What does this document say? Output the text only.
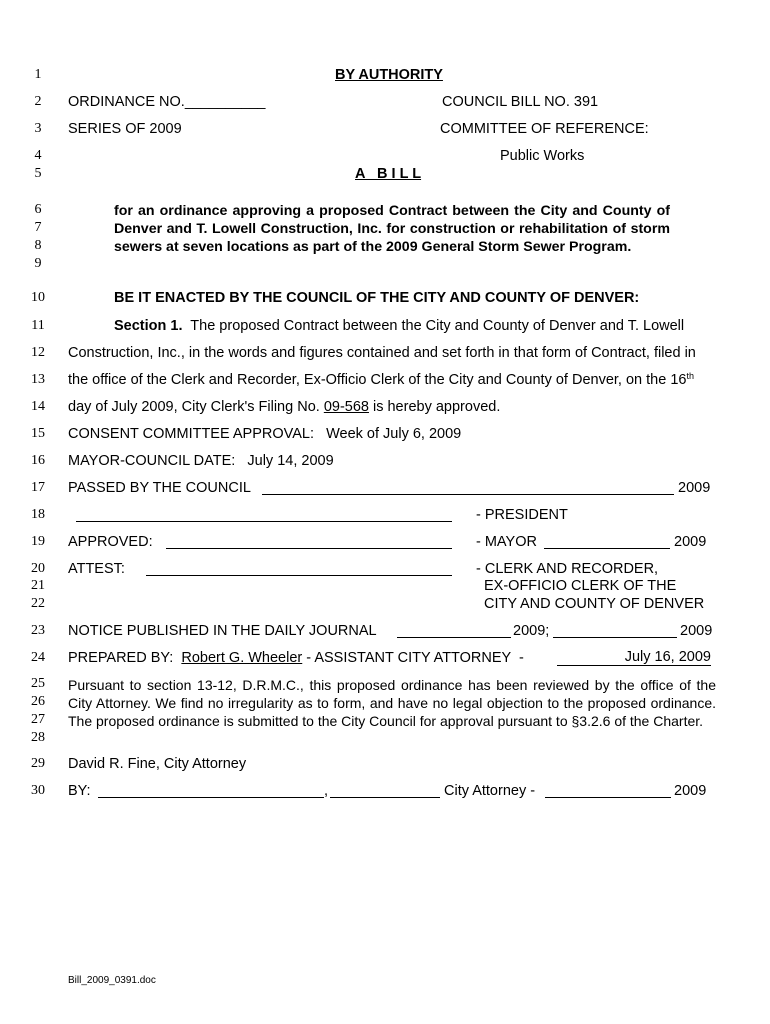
1
2
3
4
5
6
7
8
9
10
11
12
13
14
15
16
17
18
19
20
21
22
23
24
25
26
27
28
29
30
BY AUTHORITY
ORDINANCE NO.__________	COUNCIL BILL NO. 391
SERIES OF 2009	COMMITTEE OF REFERENCE:
Public Works
A   B I L L
for an ordinance approving a proposed Contract between the City and County of Denver and T. Lowell Construction, Inc. for construction or rehabilitation of storm sewers at seven locations as part of the 2009 General Storm Sewer Program.
BE IT ENACTED BY THE COUNCIL OF THE CITY AND COUNTY OF DENVER:
Section 1. The proposed Contract between the City and County of Denver and T. Lowell
Construction, Inc., in the words and figures contained and set forth in that form of Contract, filed in
the office of the Clerk and Recorder, Ex-Officio Clerk of the City and County of Denver, on the 16th
day of July 2009, City Clerk's Filing No. 09-568 is hereby approved.
CONSENT COMMITTEE APPROVAL:   Week of July 6, 2009
MAYOR-COUNCIL DATE:   July 14, 2009
PASSED BY THE COUNCIL	2009
- PRESIDENT
APPROVED:	- MAYOR	2009
ATTEST:	- CLERK AND RECORDER,
EX-OFFICIO CLERK OF THE
CITY AND COUNTY OF DENVER
NOTICE PUBLISHED IN THE DAILY JOURNAL	2009;	2009
PREPARED BY: Robert G. Wheeler - ASSISTANT CITY ATTORNEY  -	July 16, 2009
Pursuant to section 13-12, D.R.M.C., this proposed ordinance has been reviewed by the office of the City Attorney. We find no irregularity as to form, and have no legal objection to the proposed ordinance. The proposed ordinance is submitted to the City Council for approval pursuant to §3.2.6 of the Charter.
David R. Fine, City Attorney
BY:	,	City Attorney -	2009
Bill_2009_0391.doc
